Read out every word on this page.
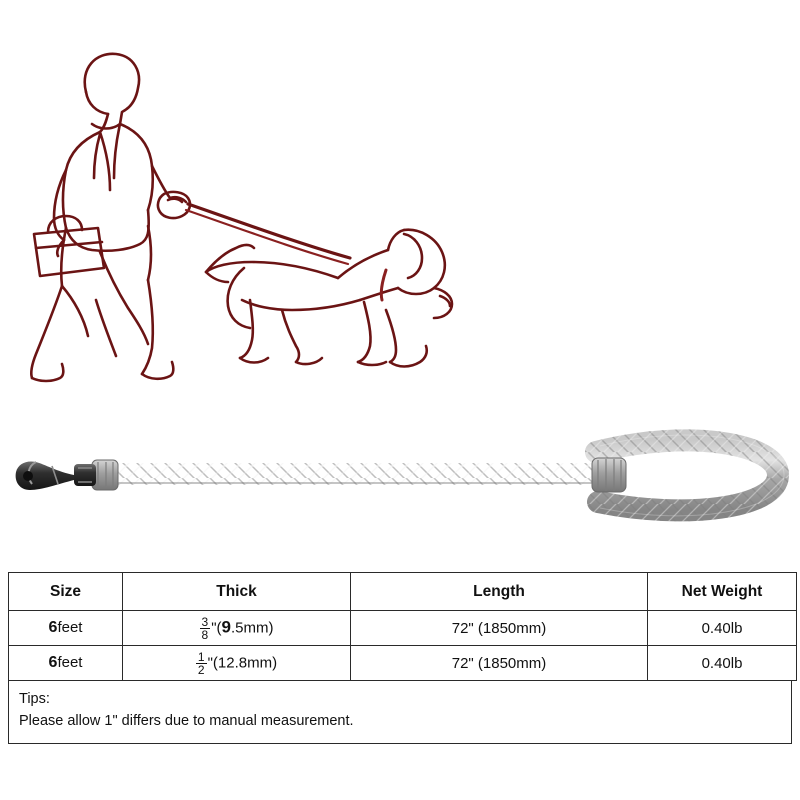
Size	Thick	Length	Net Weight
6feet	$\frac{3}{8}$ "(9.5mm)	72" (1850mm)	0.40lb
6feet	$\frac{1}{2}$ "(12.8mm)	72" (1850mm)	0.40lb
Tips:
Please allow 1" differs due to manual measurement.
